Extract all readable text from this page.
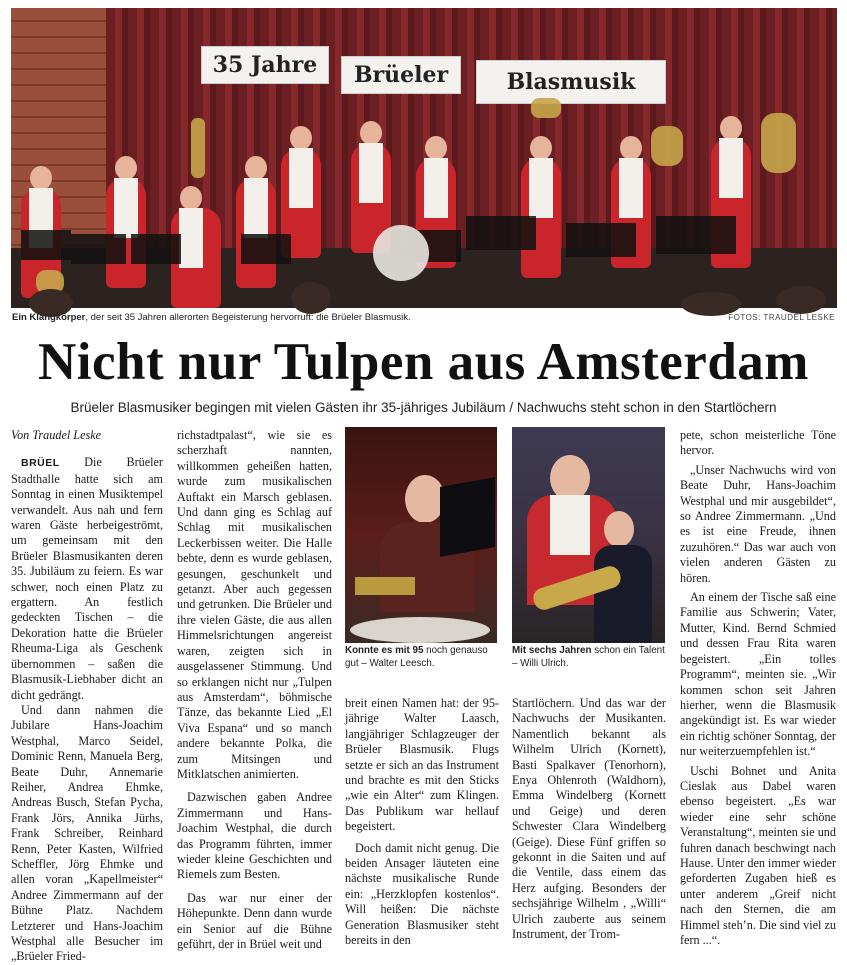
35 Jahre	Brüeler	Blasmusik
Ein Klangkörper, der seit 35 Jahren allerorten Begeisterung hervorruft: die Brüeler Blasmusik.	FOTOS: TRAUDEL LESKE
Nicht nur Tulpen aus Amsterdam
Brüeler Blasmusiker begingen mit vielen Gästen ihr 35-jähriges Jubiläum / Nachwuchs steht schon in den Startlöchern

Von Traudel Leske

BRÜEL Die Brüeler Stadthalle hatte sich am Sonntag in einen Musiktempel verwandelt. Aus nah und fern waren Gäste herbeigeströmt, um gemeinsam mit den Brüeler Blasmusikanten deren 35. Jubiläum zu feiern. Es war schwer, noch einen Platz zu ergattern. An festlich gedeckten Tischen – die Dekoration hatte die Brüeler Rheuma-Liga als Geschenk übernommen – saßen die Blasmusik-Liebhaber dicht an dicht gedrängt.

Und dann nahmen die Jubilare Hans-Joachim Westphal, Marco Seidel, Dominic Renn, Manuela Berg, Beate Duhr, Annemarie Reiher, Andrea Ehmke, Andreas Busch, Stefan Pycha, Frank Jörs, Annika Jürhs, Frank Schreiber, Reinhard Renn, Peter Kasten, Wilfried Scheffler, Jörg Ehmke und allen voran „Kapellmeister“ Andree Zimmermann auf der Bühne Platz. Nachdem Letzterer und Hans-Joachim Westphal alle Besucher im „Brüeler Fried-

richstadtpalast“, wie sie es scherzhaft nannten, willkommen geheißen hatten, wurde zum musikalischen Auftakt ein Marsch geblasen. Und dann ging es Schlag auf Schlag mit musikalischen Leckerbissen weiter. Die Halle bebte, denn es wurde geblasen, gesungen, geschunkelt und getanzt. Aber auch gegessen und getrunken. Die Brüeler und ihre vielen Gäste, die aus allen Himmelsrichtungen angereist waren, zeigten sich in ausgelassener Stimmung. Und so erklangen nicht nur „Tulpen aus Amsterdam“, böhmische Tänze, das bekannte Lied „El Viva Espana“ und so manch andere bekannte Polka, die zum Mitsingen und Mitklatschen animierten.

Dazwischen gaben Andree Zimmermann und Hans-Joachim Westphal, die durch das Programm führten, immer wieder kleine Geschichten und Riemels zum Besten.

Das war nur einer der Höhepunkte. Denn dann wurde ein Senior auf die Bühne geführt, der in Brüel weit und

Konnte es mit 95 noch genauso gut – Walter Leesch.
Mit sechs Jahren schon ein Talent – Willi Ulrich.

breit einen Namen hat: der 95-jährige Walter Laasch, langjähriger Schlagzeuger der Brüeler Blasmusik. Flugs setzte er sich an das Instrument und brachte es mit den Sticks „wie ein Alter“ zum Klingen. Das Publikum war hellauf begeistert.

Doch damit nicht genug. Die beiden Ansager läuteten eine nächste musikalische Runde ein: „Herzklopfen kostenlos“. Will heißen: Die nächste Generation Blasmusiker steht bereits in den

Startlöchern. Und das war der Nachwuchs der Musikanten. Namentlich bekannt als Wilhelm Ulrich (Kornett), Basti Spalkaver (Tenorhorn), Enya Ohlenroth (Waldhorn), Emma Windelberg (Kornett und Geige) und deren Schwester Clara Windelberg (Geige). Diese Fünf griffen so gekonnt in die Saiten und auf die Ventile, dass einem das Herz aufging. Besonders der sechsjährige Wilhelm , „Willi“ Ulrich zauberte aus seinem Instrument, der Trom-

pete, schon meisterliche Töne hervor.

„Unser Nachwuchs wird von Beate Duhr, Hans-Joachim Westphal und mir ausgebildet“, so Andree Zimmermann. „Und es ist eine Freude, ihnen zuzuhören.“ Das war auch von vielen anderen Gästen zu hören.

An einem der Tische saß eine Familie aus Schwerin; Vater, Mutter, Kind. Bernd Schmied und dessen Frau Rita waren begeistert. „Ein tolles Programm“, meinten sie. „Wir kommen schon seit Jahren hierher, wenn die Blasmusik angekündigt ist. Es war wieder ein richtig schöner Sonntag, der nur weiterzuempfehlen ist.“

Uschi Bohnet und Anita Cieslak aus Dabel waren ebenso begeistert. „Es war wieder eine sehr schöne Veranstaltung“, meinten sie und fuhren danach beschwingt nach Hause. Unter den immer wieder geforderten Zugaben hieß es unter anderem „Greif nicht nach den Sternen, die am Himmel steh’n. Die sind viel zu fern ...“.
